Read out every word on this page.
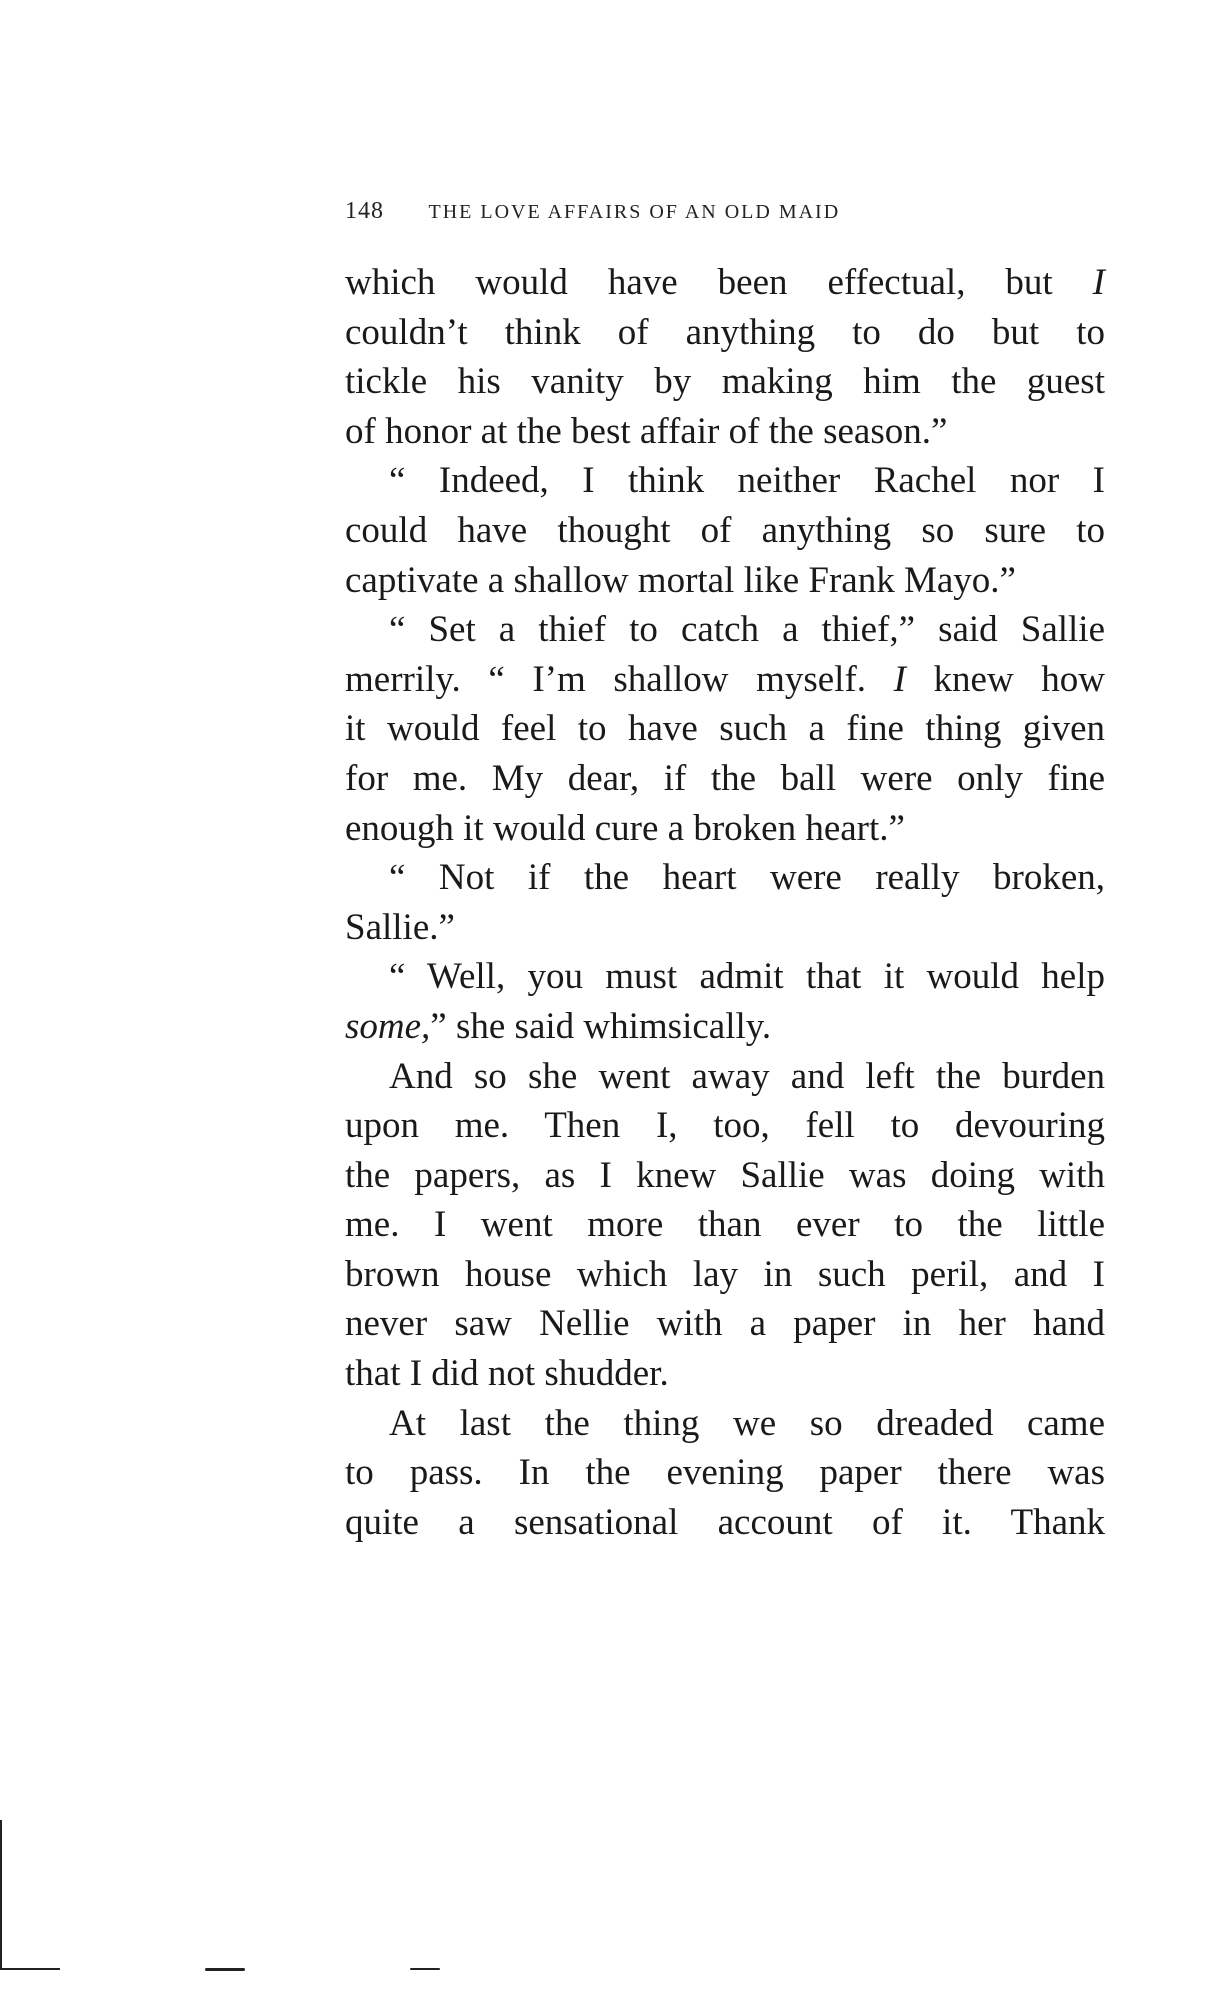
148 THE LOVE AFFAIRS OF AN OLD MAID
which would have been effectual, but I
couldn’t think of anything to do but to
tickle his vanity by making him the guest
of honor at the best affair of the season.”
“ Indeed, I think neither Rachel nor I
could have thought of anything so sure to
captivate a shallow mortal like Frank Mayo.”
“ Set a thief to catch a thief,” said Sallie
merrily. “ I’m shallow myself. I knew how
it would feel to have such a fine thing given
for me. My dear, if the ball were only fine
enough it would cure a broken heart.”
“ Not if the heart were really broken,
Sallie.”
“ Well, you must admit that it would help
some,” she said whimsically.
And so she went away and left the burden
upon me. Then I, too, fell to devouring
the papers, as I knew Sallie was doing with
me. I went more than ever to the little
brown house which lay in such peril, and I
never saw Nellie with a paper in her hand
that I did not shudder.
At last the thing we so dreaded came
to pass. In the evening paper there was
quite a sensational account of it. Thank
